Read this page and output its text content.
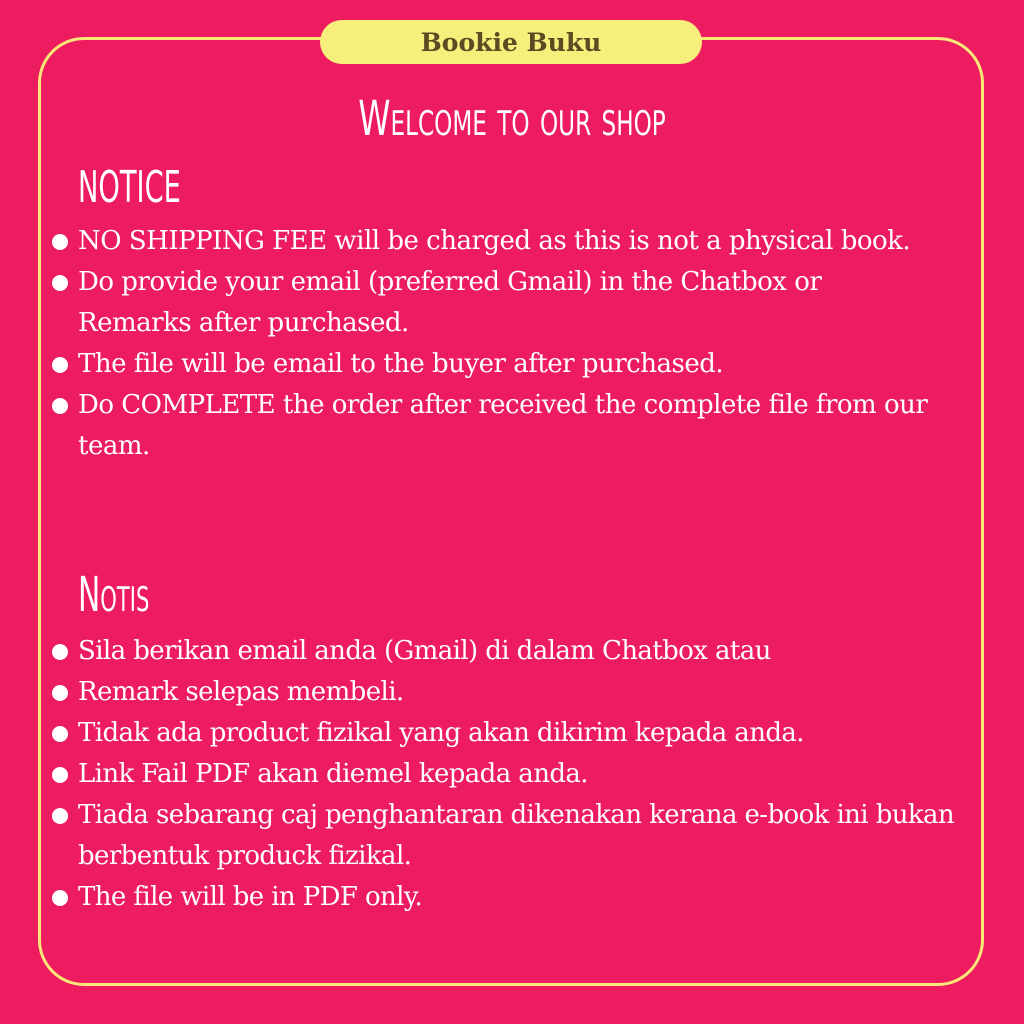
Bookie Buku
Welcome to our shop
NOTICE
NO SHIPPING FEE will be charged as this is not a physical book.
Do provide your email (preferred Gmail) in the Chatbox or Remarks after purchased.
The file will be email to the buyer after purchased.
Do COMPLETE the order after received the complete file from our team.
Notis
Sila berikan email anda (Gmail) di dalam Chatbox atau
Remark selepas membeli.
Tidak ada product fizikal yang akan dikirim kepada anda.
Link Fail PDF akan diemel kepada anda.
Tiada sebarang caj penghantaran dikenakan kerana e-book ini bukan berbentuk produck fizikal.
The file will be in PDF only.
